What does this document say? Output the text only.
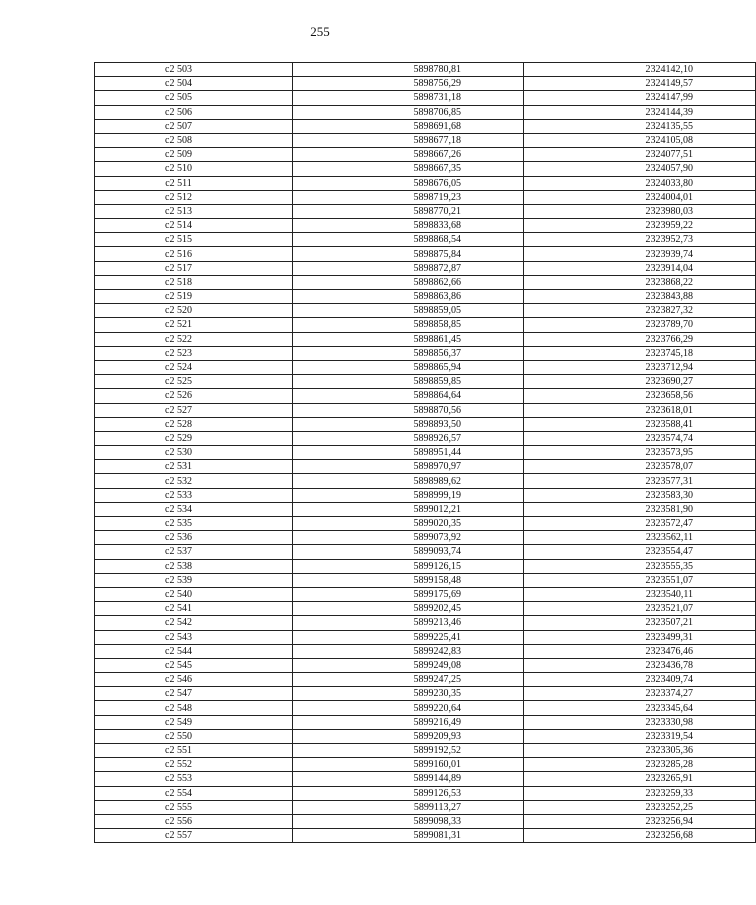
255
c2 503	5898780,81	2324142,10
c2 504	5898756,29	2324149,57
c2 505	5898731,18	2324147,99
c2 506	5898706,85	2324144,39
c2 507	5898691,68	2324135,55
c2 508	5898677,18	2324105,08
c2 509	5898667,26	2324077,51
c2 510	5898667,35	2324057,90
c2 511	5898676,05	2324033,80
c2 512	5898719,23	2324004,01
c2 513	5898770,21	2323980,03
c2 514	5898833,68	2323959,22
c2 515	5898868,54	2323952,73
c2 516	5898875,84	2323939,74
c2 517	5898872,87	2323914,04
c2 518	5898862,66	2323868,22
c2 519	5898863,86	2323843,88
c2 520	5898859,05	2323827,32
c2 521	5898858,85	2323789,70
c2 522	5898861,45	2323766,29
c2 523	5898856,37	2323745,18
c2 524	5898865,94	2323712,94
c2 525	5898859,85	2323690,27
c2 526	5898864,64	2323658,56
c2 527	5898870,56	2323618,01
c2 528	5898893,50	2323588,41
c2 529	5898926,57	2323574,74
c2 530	5898951,44	2323573,95
c2 531	5898970,97	2323578,07
c2 532	5898989,62	2323577,31
c2 533	5898999,19	2323583,30
c2 534	5899012,21	2323581,90
c2 535	5899020,35	2323572,47
c2 536	5899073,92	2323562,11
c2 537	5899093,74	2323554,47
c2 538	5899126,15	2323555,35
c2 539	5899158,48	2323551,07
c2 540	5899175,69	2323540,11
c2 541	5899202,45	2323521,07
c2 542	5899213,46	2323507,21
c2 543	5899225,41	2323499,31
c2 544	5899242,83	2323476,46
c2 545	5899249,08	2323436,78
c2 546	5899247,25	2323409,74
c2 547	5899230,35	2323374,27
c2 548	5899220,64	2323345,64
c2 549	5899216,49	2323330,98
c2 550	5899209,93	2323319,54
c2 551	5899192,52	2323305,36
c2 552	5899160,01	2323285,28
c2 553	5899144,89	2323265,91
c2 554	5899126,53	2323259,33
c2 555	5899113,27	2323252,25
c2 556	5899098,33	2323256,94
c2 557	5899081,31	2323256,68
